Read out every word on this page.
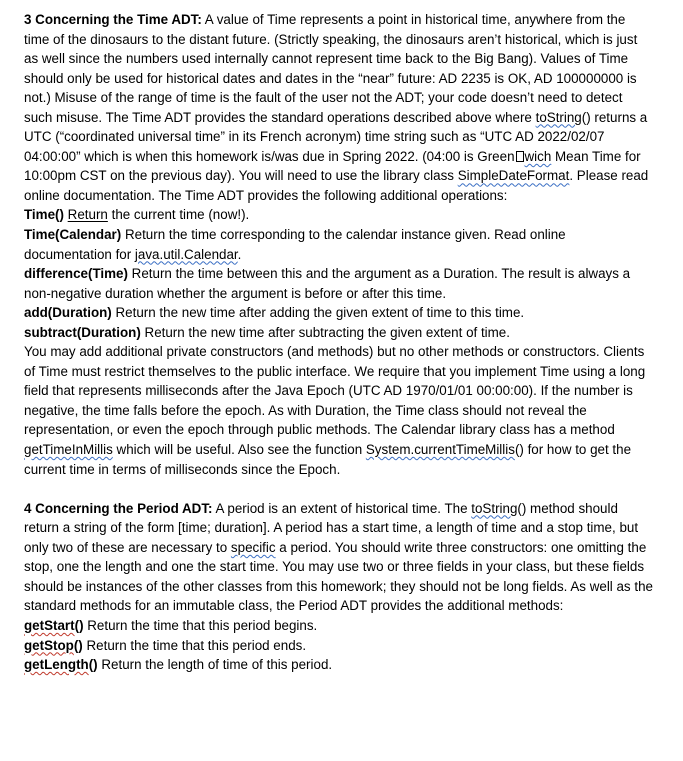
3 Concerning the Time ADT: A value of Time represents a point in historical time, anywhere from the time of the dinosaurs to the distant future. (Strictly speaking, the dinosaurs aren’t historical, which is just as well since the numbers used internally cannot represent time back to the Big Bang). Values of Time should only be used for historical dates and dates in the “near” future: AD 2235 is OK, AD 100000000 is not.) Misuse of the range of time is the fault of the user not the ADT; your code doesn’t need to detect such misuse. The Time ADT provides the standard operations described above where toString() returns a UTC (“coordinated universal time” in its French acronym) time string such as “UTC AD 2022/02/07 04:00:00” which is when this homework is/was due in Spring 2022. (04:00 is Green wich Mean Time for 10:00pm CST on the previous day). You will need to use the library class SimpleDateFormat. Please read online documentation. The Time ADT provides the following additional operations:

Time() Return the current time (now!).

Time(Calendar) Return the time corresponding to the calendar instance given. Read online documentation for java.util.Calendar.

difference(Time) Return the time between this and the argument as a Duration. The result is always a non-negative duration whether the argument is before or after this time.

add(Duration) Return the new time after adding the given extent of time to this time.

subtract(Duration) Return the new time after subtracting the given extent of time.

You may add additional private constructors (and methods) but no other methods or constructors. Clients of Time must restrict themselves to the public interface. We require that you implement Time using a long field that represents milliseconds after the Java Epoch (UTC AD 1970/01/01 00:00:00). If the number is negative, the time falls before the epoch. As with Duration, the Time class should not reveal the representation, or even the epoch through public methods. The Calendar library class has a method getTimeInMillis which will be useful. Also see the function System.currentTimeMillis() for how to get the current time in terms of milliseconds since the Epoch.

4 Concerning the Period ADT: A period is an extent of historical time. The toString() method should return a string of the form [time; duration]. A period has a start time, a length of time and a stop time, but only two of these are necessary to specific a period. You should write three constructors: one omitting the stop, one the length and one the start time. You may use two or three fields in your class, but these fields should be instances of the other classes from this homework; they should not be long fields. As well as the standard methods for an immutable class, the Period ADT provides the additional methods:

getStart() Return the time that this period begins.

getStop() Return the time that this period ends.

getLength() Return the length of time of this period.
